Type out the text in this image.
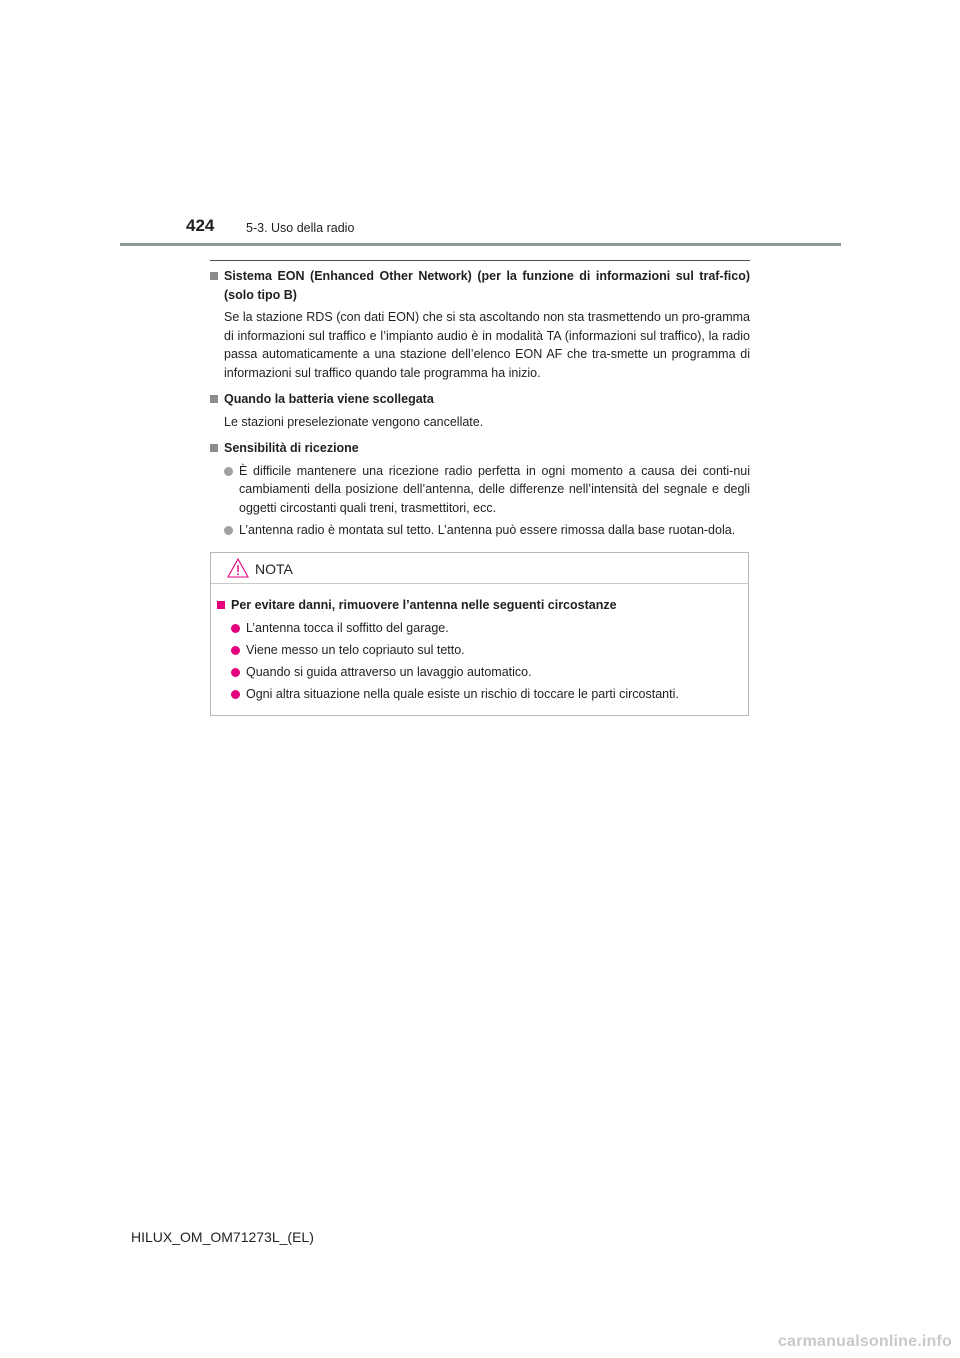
424	5-3. Uso della radio
Sistema EON (Enhanced Other Network) (per la funzione di informazioni sul traf-fico) (solo tipo B)
Se la stazione RDS (con dati EON) che si sta ascoltando non sta trasmettendo un pro-gramma di informazioni sul traffico e l’impianto audio è in modalità TA (informazioni sul traffico), la radio passa automaticamente a una stazione dell’elenco EON AF che tra-smette un programma di informazioni sul traffico quando tale programma ha inizio.
Quando la batteria viene scollegata
Le stazioni preselezionate vengono cancellate.
Sensibilità di ricezione
È difficile mantenere una ricezione radio perfetta in ogni momento a causa dei conti-nui cambiamenti della posizione dell’antenna, delle differenze nell’intensità del segnale e degli oggetti circostanti quali treni, trasmettitori, ecc.
L’antenna radio è montata sul tetto. L’antenna può essere rimossa dalla base ruotan-dola.
NOTA
Per evitare danni, rimuovere l’antenna nelle seguenti circostanze
L’antenna tocca il soffitto del garage.
Viene messo un telo copriauto sul tetto.
Quando si guida attraverso un lavaggio automatico.
Ogni altra situazione nella quale esiste un rischio di toccare le parti circostanti.
HILUX_OM_OM71273L_(EL)
carmanualsonline.info
